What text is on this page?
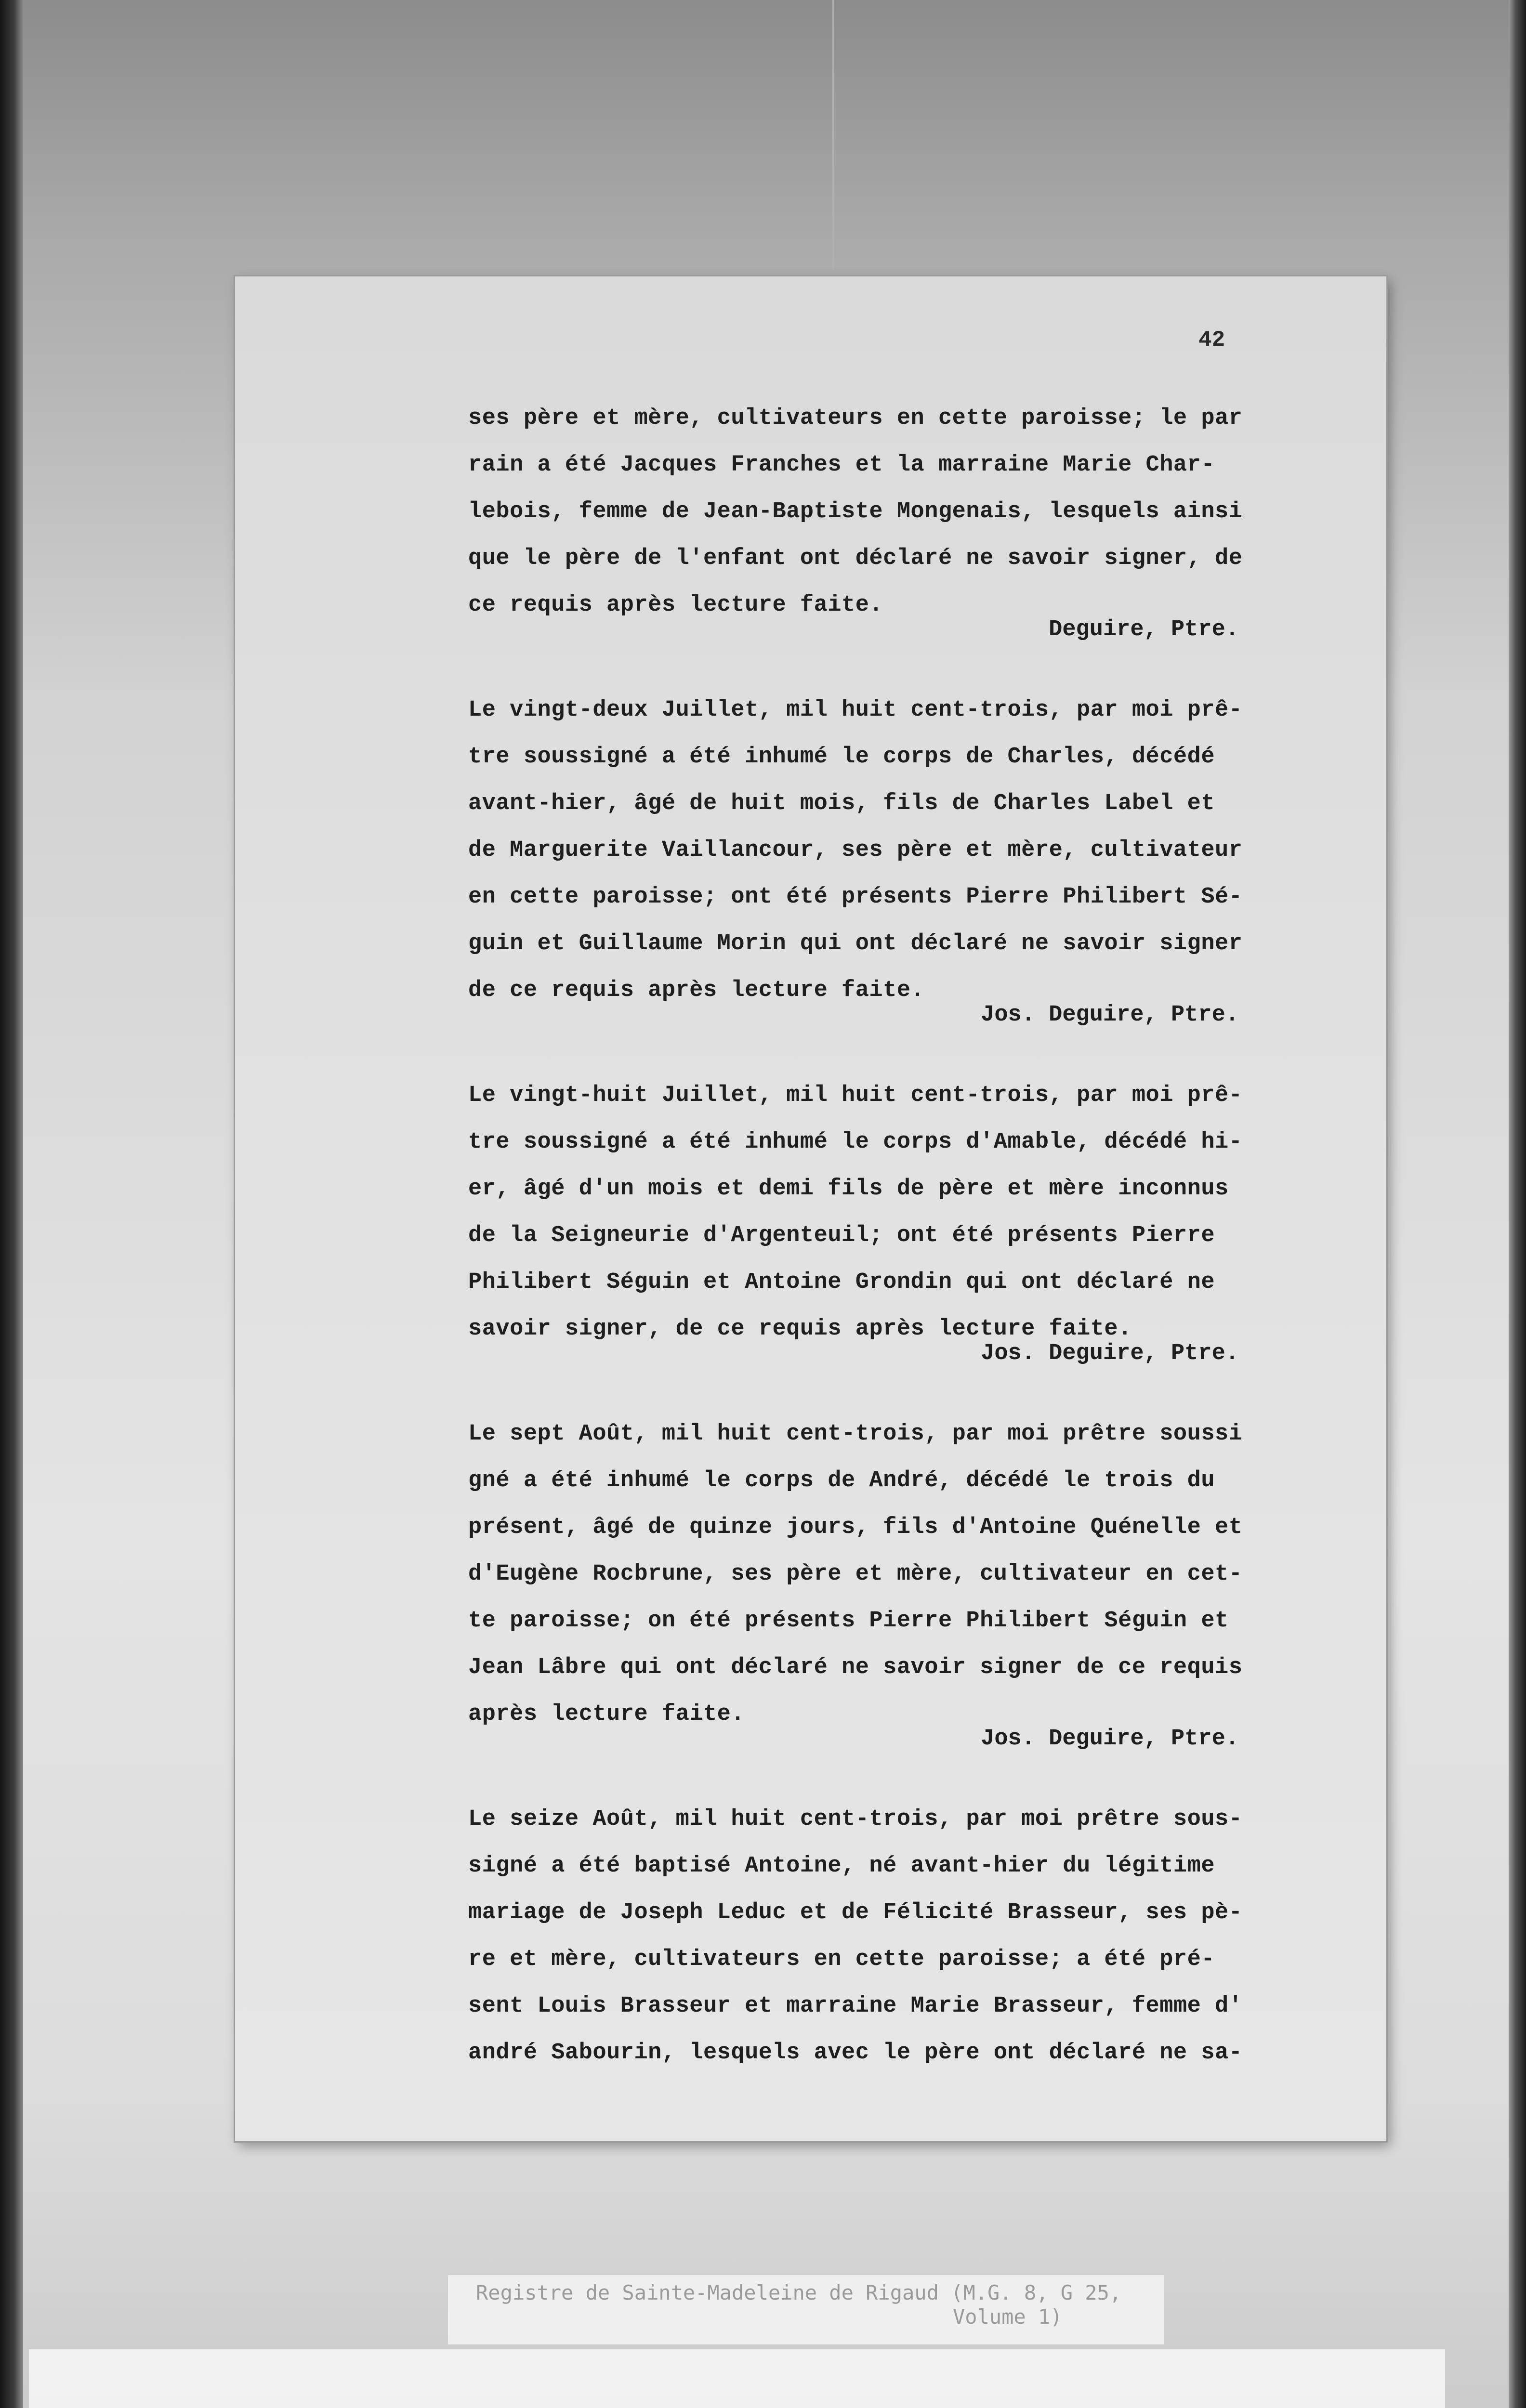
42
ses père et mère, cultivateurs en cette paroisse; le par
rain a été Jacques Franches et la marraine Marie Char-
lebois, femme de Jean-Baptiste Mongenais, lesquels ainsi
que le père de l'enfant ont déclaré ne savoir signer, de
ce requis après lecture faite.
Deguire, Ptre.
Le vingt-deux Juillet, mil huit cent-trois, par moi prê-
tre soussigné a été inhumé le corps de Charles, décédé
avant-hier, âgé de huit mois, fils de Charles Label et
de Marguerite Vaillancour, ses père et mère, cultivateur
en cette paroisse; ont été présents Pierre Philibert Sé-
guin et Guillaume Morin qui ont déclaré ne savoir signer
de ce requis après lecture faite.
Jos. Deguire, Ptre.
Le vingt-huit Juillet, mil huit cent-trois, par moi prê-
tre soussigné a été inhumé le corps d'Amable, décédé hi-
er, âgé d'un mois et demi fils de père et mère inconnus
de la Seigneurie d'Argenteuil; ont été présents Pierre
Philibert Séguin et Antoine Grondin qui ont déclaré ne
savoir signer, de ce requis après lecture faite.
Jos. Deguire, Ptre.
Le sept Août, mil huit cent-trois, par moi prêtre soussi
gné a été inhumé le corps de André, décédé le trois du
présent, âgé de quinze jours, fils d'Antoine Quénelle et
d'Eugène Rocbrune, ses père et mère, cultivateur en cet-
te paroisse; on été présents Pierre Philibert Séguin et
Jean Lâbre qui ont déclaré ne savoir signer de ce requis
après lecture faite.
Jos. Deguire, Ptre.
Le seize Août, mil huit cent-trois, par moi prêtre sous-
signé a été baptisé Antoine, né avant-hier du légitime
mariage de Joseph Leduc et de Félicité Brasseur, ses pè-
re et mère, cultivateurs en cette paroisse; a été pré-
sent Louis Brasseur et marraine Marie Brasseur, femme d'
andré Sabourin, lesquels avec le père ont déclaré ne sa-
Registre de Sainte-Madeleine de Rigaud (M.G. 8, G 25,
Volume 1)
